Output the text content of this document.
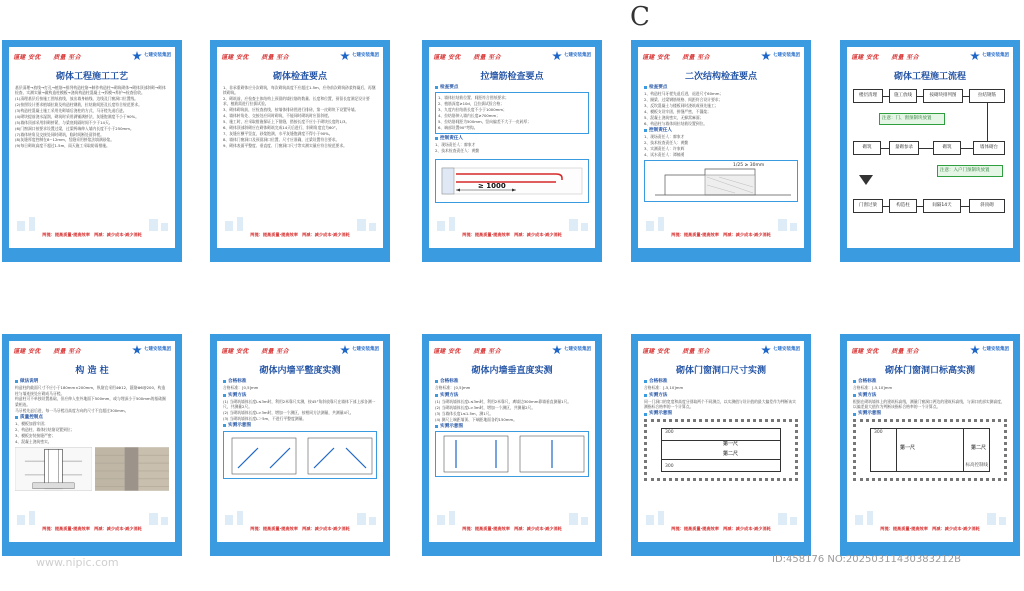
C
谨建 安优　　质量 至合	七建安装集团
砌体工程施工工艺

基层清理→放线→打孔→植筋→排列构造柱筋→制作构造柱→砌筑砌体→砌体顶部斜砌→砌体检查、实测实量→做构造柱模板→浇筑构造柱混凝土→拆模→养护→检查验收。

(1)清理基层后按施工图纸放线，放出墙身轴线、边线及门窗洞口位置线。

(2)按照设计要求植墙拉筋及构造柱钢筋，拉结筋间距及长度符合规范要求。

(3)构造柱混凝土施工采用先砌墙后浇柱的方式，马牙槎先退后进。

(4)砌块提前浇水湿润，砌筑时采用满铺满挤法，灰缝饱满度不小于90%。

(5)墙体顶部采用斜砌挤紧，与梁底间隔时间不少于14天。

(6)门窗洞口按要求设置过梁，过梁两端伸入墙内长度不小于250mm。

(7)墙体转角及交接处同时砌筑，临时间断处留斜槎。

(8)灰缝厚度控制在8~12mm，竖缝采用挤浆法填满砂浆。

(9)每日砌筑高度不超过1.5m，雨天施工采取防雨措施。

两提：提高质量·提高效率　两减：减少成本·减少消耗
广东建筑集团有限公司
谨建 安优　　质量 至合	七建安装集团
砌体检查要点

1、非承重砌体应分次砌筑，每次砌筑高度不应超过1.5m，应待前次砌筑砂浆终凝后，再继续砌筑。

2、砌筑前，应检查主体结构上预留的墙拉筋的数量、长度和位置，预留长度满足设计要求，植筋需进行拉拔试验。

3、砌体砌筑前，应检查放线，按墙体排砖图进行排砖，第一皮砌块下设置导墙。

4、墙体转角处、交接处应同时砌筑，不能同时砌筑时应留斜槎。

5、施工时，应采取措施保证上下错缝，搭接长度不应小于砌块长度的1/3。

6、砌体顶部斜砌应在砌体砌筑完成14天后进行，斜砌角度宜为60°。

7、灰缝应横平竖直，砂浆饱满，水平灰缝饱满度不得小于90%。

8、墙体门窗洞口及预留洞口位置、尺寸应准确，过梁设置符合要求。

9、砌体表面平整度、垂直度、门窗洞口尺寸等实测实量应符合规范要求。

两提：提高质量·提高效率　两减：减少成本·减少消耗
广东建筑集团有限公司
谨建 安优　　质量 至合	七建安装集团
拉墙筋检查要点
检查要点

1、墙体拉结筋位置、间距符合图纸要求；

2、植筋深度≥10d，且拉拔试验合格；

3、九度内拉结筋长度不小于1000mm；

4、拉结筋伸入墙内长度≥700mm；

5、拉结筋间距为500mm，竖向偏差不大于一皮砖厚；

6、端部设置90°弯钩。

控制责任人

1、现场责任人：廖家才

2、技术检查责任人：黄勤

≥ 1000
两提：提高质量·提高效率　两减：减少成本·减少消耗
广东建筑集团有限公司
谨建 安优　　质量 至合	七建安装集团
二次结构检查要点
检查要点

1、构造柱马牙槎先退后进，退进尺寸60mm；

2、圈梁、过梁钢筋规格、间距符合设计要求；

3、反坎混凝土与楼板同时浇筑或预先施工；

4、模板支设牢固，拼缝严密，不漏浆；

5、混凝土浇筑密实，无蜂窝麻面；

6、构造柱与墙体间拉结筋设置到位。

控制责任人

1、现场责任人：廖家才

2、技术检查责任人：黄勤

3、实测责任人：许家辉

4、试水责任人：谭楠勇

1/25 ≥ 30mm
两提：提高质量·提高效率　两减：减少成本·减少消耗
广东建筑集团有限公司
谨建 安优　　质量 至合	七建安装集团
砌体工程施工流程
楼层清理	施工放线	按砌块排列图	拉结钢筋
注意：门、窗预制块放置
砌筑	量砌参录	砌筑	墙体砌台
注意：入户门预制块放置
门窗过梁	构造柱	间隔14天	斜顶砌
谨建 安优　　质量 至合	七建安装集团
构 造 柱
做法说明

构造柱的截面尺寸不应小于180mm×200mm，纵筋宜采用4Φ12，箍筋Φ6@200，构造柱与墙连接处应砌成马牙槎。

构造柱可不单独设置基础，但应伸入室外地面下500mm，或与埋深小于500mm的基础圈梁相连。

马牙槎先退后进，每一马牙槎沿高度方向的尺寸不宜超过300mm。

质量控制点

1、模板加固牢固；

2、构造柱、墙体拉结筋设置到位；

3、模板安装接缝严密；

4、混凝土浇筑密实。

两提：提高质量·提高效率　两减：减少成本·减少消耗
广东建筑集团有限公司
谨建 安优　　质量 至合	七建安装集团
砌体内墙平整度实测
合格标准

合格标准：[0,5]mm

实测方法

(1) 当砌筑墙体长度L≤3m时，利用2米靠尺实测，按45°角斜放靠尺在墙体下部上部各测一尺，共测量2尺。

(2) 当砌筑墙体长度L>3m时，增加一个测区，按相同方法测量，共测量4尺。

(3) 当砌筑墙体长度L＞5m，不进行平整度测量。

实测示意图
两提：提高质量·提高效率　两减：减少成本·减少消耗
广东建筑集团有限公司
谨建 安优　　质量 至合	七建安装集团
砌体内墙垂直度实测
合格标准

合格标准：[0,5]mm

实测方法

(1) 当砌筑墙体长度L≤3m时，利用2米靠尺，离墙边300mm靠墙垂直测量1尺。

(2) 当砌筑墙体长度L>3m时，增加一个测区，共测量2尺。

(3) 当墙体长度L≤1.5m，测1尺。

(4) 测尺上端距墙顶、下端距地面各约150mm。

实测示意图
两提：提高质量·提高效率　两减：减少成本·减少消耗
广东建筑集团有限公司
谨建 安优　　质量 至合	七建安装集团
砌体门窗洞口尺寸实测
合格标准

合格标准：[-5,10]mm

实测方法

同一门洞口的宽度和高度分别取两个不同测点，以实测值与设计值的最大偏差作为判断该实测指标合格率的一个计算点。

实测示意图
第一尺
第二尺
300
300
两提：提高质量·提高效率　两减：减少成本·减少消耗
广东建筑集团有限公司
谨建 安优　　质量 至合	七建安装集团
砌体门窗洞口标高实测
合格标准

合格标准：[-5,10]mm

实测方法

根据在砌筑墙体上的建筑标高线，测量门窗洞口两边的建筑标高线，与洞口底部实测高度，以偏差最大值作为判断该指标合格率的一个计算点。

实测示意图
第一尺	第二尺
300
标高控制线
两提：提高质量·提高效率　两减：减少成本·减少消耗
广东建筑集团有限公司
www.nipic.com	ID:458176 NO:20250311430383212B
